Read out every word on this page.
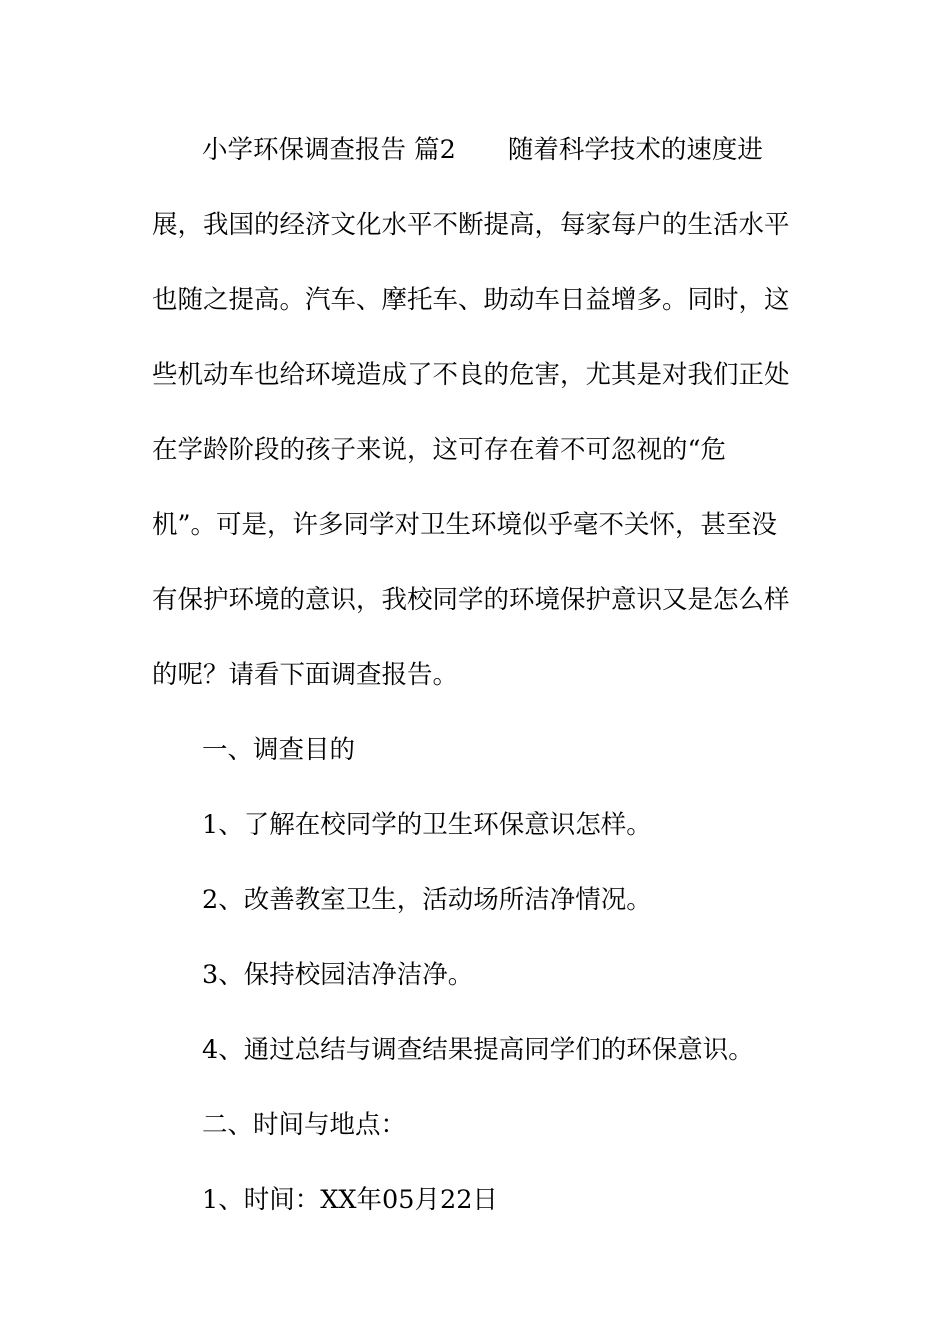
小学环保调查报告 篇2 随着科学技术的速度进
展，我国的经济文化水平不断提高，每家每户的生活水平
也随之提高。汽车、摩托车、助动车日益增多。同时，这
些机动车也给环境造成了不良的危害，尤其是对我们正处
在学龄阶段的孩子来说，这可存在着不可忽视的“危
机”。可是，许多同学对卫生环境似乎毫不关怀，甚至没
有保护环境的意识，我校同学的环境保护意识又是怎么样
的呢？请看下面调查报告。
一、调查目的
1、了解在校同学的卫生环保意识怎样。
2、改善教室卫生，活动场所洁净情况。
3、保持校园洁净洁净。
4、通过总结与调查结果提高同学们的环保意识。
二、时间与地点：
1、时间：XX年05月22日
